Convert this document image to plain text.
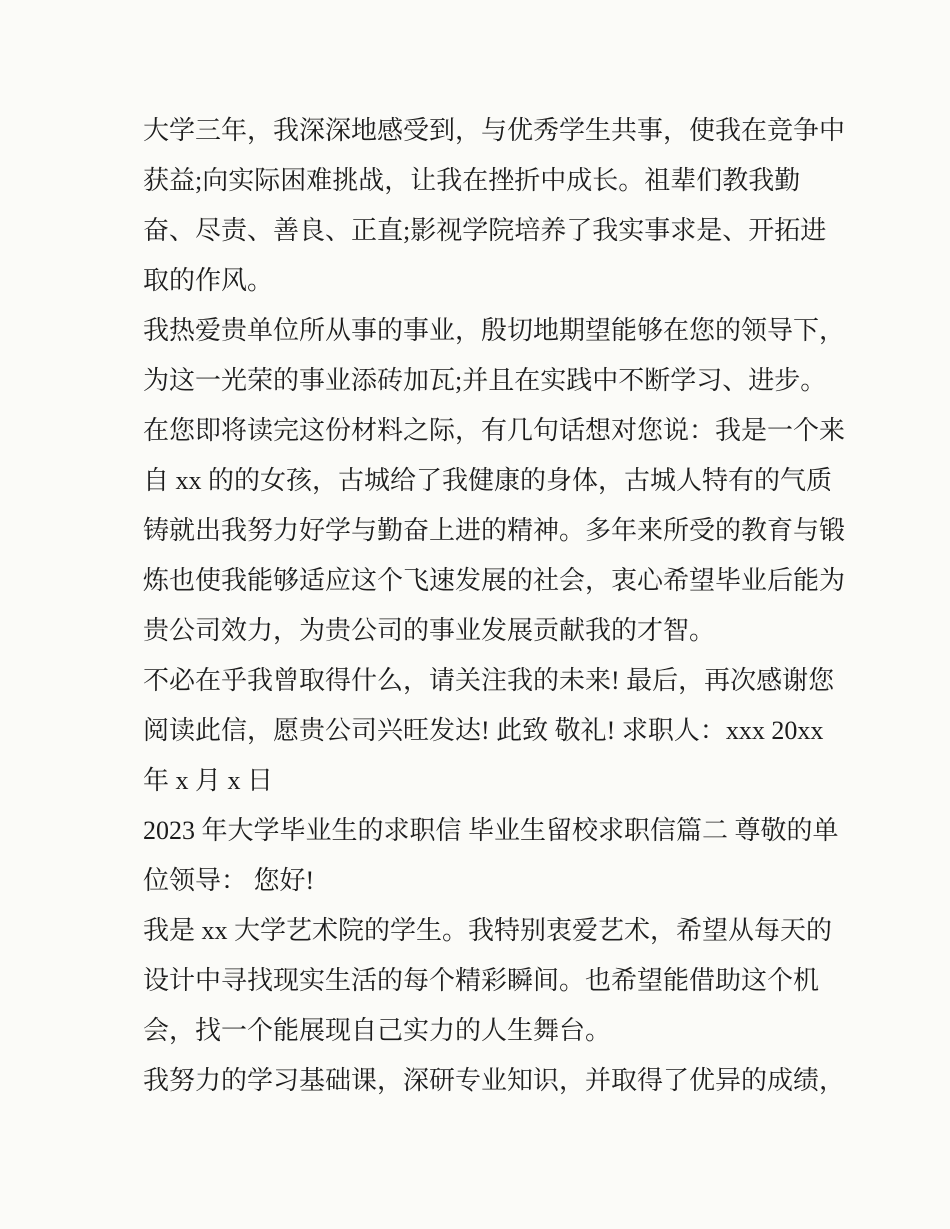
大学三年，我深深地感受到，与优秀学生共事，使我在竞争中

获益;向实际困难挑战，让我在挫折中成长。祖辈们教我勤

奋、尽责、善良、正直;影视学院培养了我实事求是、开拓进

取的作风。

我热爱贵单位所从事的事业，殷切地期望能够在您的领导下，

为这一光荣的事业添砖加瓦;并且在实践中不断学习、进步。

在您即将读完这份材料之际，有几句话想对您说：我是一个来

自 xx 的的女孩，古城给了我健康的身体，古城人特有的气质

铸就出我努力好学与勤奋上进的精神。多年来所受的教育与锻

炼也使我能够适应这个飞速发展的社会，衷心希望毕业后能为

贵公司效力，为贵公司的事业发展贡献我的才智。

不必在乎我曾取得什么，请关注我的未来! 最后，再次感谢您

阅读此信，愿贵公司兴旺发达! 此致 敬礼! 求职人：xxx 20xx

年 x 月 x 日

2023 年大学毕业生的求职信 毕业生留校求职信篇二 尊敬的单

位领导： 您好!

我是 xx 大学艺术院的学生。我特别衷爱艺术，希望从每天的

设计中寻找现实生活的每个精彩瞬间。也希望能借助这个机

会，找一个能展现自己实力的人生舞台。

我努力的学习基础课，深研专业知识，并取得了优异的成绩，
